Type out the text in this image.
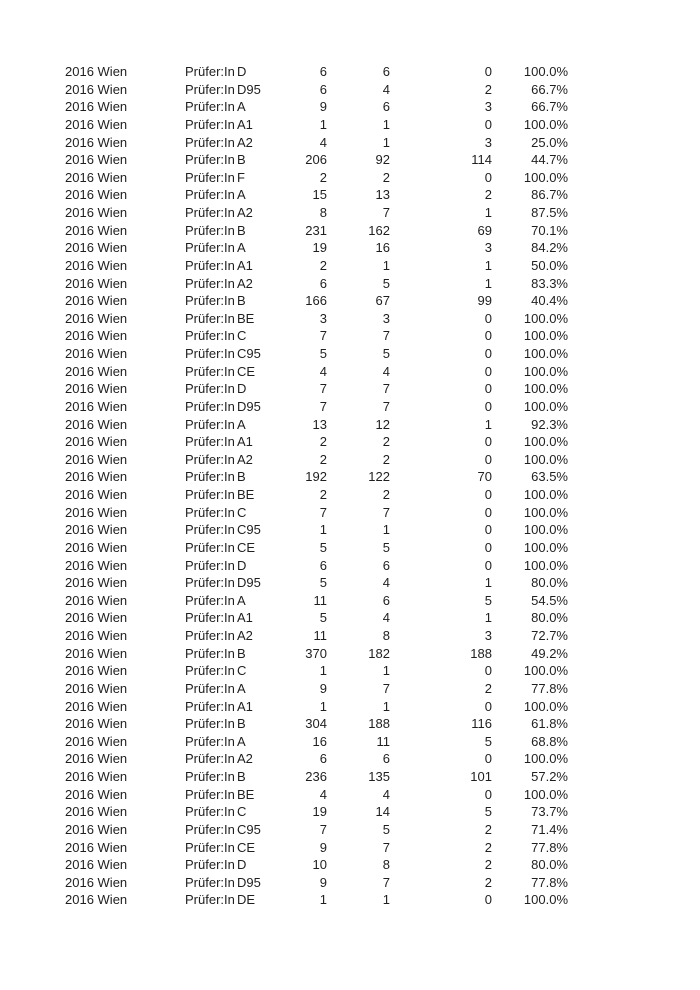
2016 Wien	Prüfer:In D	6	6	0	100.0%
2016 Wien	Prüfer:In D95	6	4	2	66.7%
2016 Wien	Prüfer:In A	9	6	3	66.7%
2016 Wien	Prüfer:In A1	1	1	0	100.0%
2016 Wien	Prüfer:In A2	4	1	3	25.0%
2016 Wien	Prüfer:In B	206	92	114	44.7%
2016 Wien	Prüfer:In F	2	2	0	100.0%
2016 Wien	Prüfer:In A	15	13	2	86.7%
2016 Wien	Prüfer:In A2	8	7	1	87.5%
2016 Wien	Prüfer:In B	231	162	69	70.1%
2016 Wien	Prüfer:In A	19	16	3	84.2%
2016 Wien	Prüfer:In A1	2	1	1	50.0%
2016 Wien	Prüfer:In A2	6	5	1	83.3%
2016 Wien	Prüfer:In B	166	67	99	40.4%
2016 Wien	Prüfer:In BE	3	3	0	100.0%
2016 Wien	Prüfer:In C	7	7	0	100.0%
2016 Wien	Prüfer:In C95	5	5	0	100.0%
2016 Wien	Prüfer:In CE	4	4	0	100.0%
2016 Wien	Prüfer:In D	7	7	0	100.0%
2016 Wien	Prüfer:In D95	7	7	0	100.0%
2016 Wien	Prüfer:In A	13	12	1	92.3%
2016 Wien	Prüfer:In A1	2	2	0	100.0%
2016 Wien	Prüfer:In A2	2	2	0	100.0%
2016 Wien	Prüfer:In B	192	122	70	63.5%
2016 Wien	Prüfer:In BE	2	2	0	100.0%
2016 Wien	Prüfer:In C	7	7	0	100.0%
2016 Wien	Prüfer:In C95	1	1	0	100.0%
2016 Wien	Prüfer:In CE	5	5	0	100.0%
2016 Wien	Prüfer:In D	6	6	0	100.0%
2016 Wien	Prüfer:In D95	5	4	1	80.0%
2016 Wien	Prüfer:In A	11	6	5	54.5%
2016 Wien	Prüfer:In A1	5	4	1	80.0%
2016 Wien	Prüfer:In A2	11	8	3	72.7%
2016 Wien	Prüfer:In B	370	182	188	49.2%
2016 Wien	Prüfer:In C	1	1	0	100.0%
2016 Wien	Prüfer:In A	9	7	2	77.8%
2016 Wien	Prüfer:In A1	1	1	0	100.0%
2016 Wien	Prüfer:In B	304	188	116	61.8%
2016 Wien	Prüfer:In A	16	11	5	68.8%
2016 Wien	Prüfer:In A2	6	6	0	100.0%
2016 Wien	Prüfer:In B	236	135	101	57.2%
2016 Wien	Prüfer:In BE	4	4	0	100.0%
2016 Wien	Prüfer:In C	19	14	5	73.7%
2016 Wien	Prüfer:In C95	7	5	2	71.4%
2016 Wien	Prüfer:In CE	9	7	2	77.8%
2016 Wien	Prüfer:In D	10	8	2	80.0%
2016 Wien	Prüfer:In D95	9	7	2	77.8%
2016 Wien	Prüfer:In DE	1	1	0	100.0%
